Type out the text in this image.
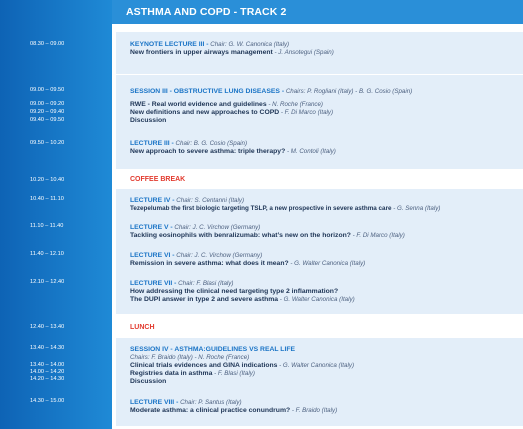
08.30 – 09.00
09.00 – 09.50
09.00 – 09.20
09.20 – 09.40
09.40 – 09.50
09.50 – 10.20
10.20 – 10.40
10.40 – 11.10
11.10 – 11.40
11.40 – 12.10
12.10 – 12.40
12.40 – 13.40
13.40 – 14.30
13.40 – 14.00
14.00 – 14.20
14.20 – 14.30
14.30 – 15.00
ASTHMA AND COPD - TRACK 2
KEYNOTE LECTURE III - Chair: G. W. Canonica (Italy)
New frontiers in upper airways management - J. Ansotegui (Spain)
SESSION III - OBSTRUCTIVE LUNG DISEASES - Chairs: P. Rogliani (Italy) - B. G. Cosio (Spain)
RWE - Real world evidence and guidelines - N. Roche (France)
New definitions and new approaches to COPD - F. Di Marco (Italy)
Discussion
LECTURE III - Chair: B. G. Cosio (Spain)
New approach to severe asthma: triple therapy? - M. Contoli (Italy)
COFFEE BREAK
LECTURE IV - Chair: S. Centanni (Italy)
Tezepelumab the first biologic targeting TSLP, a new prospective in severe asthma care - G. Senna (Italy)
LECTURE V - Chair: J. C. Virchow (Germany)
Tackling eosinophils with benralizumab: what’s new on the horizon? - F. Di Marco (Italy)
LECTURE VI - Chair: J. C. Virchow (Germany)
Remission in severe asthma: what does it mean? - G. Walter Canonica (Italy)
LECTURE VII - Chair: F. Blasi (Italy)
How addressing the clinical need targeting type 2 inflammation?
The DUPI answer in type 2 and severe asthma - G. Walter Canonica (Italy)
LUNCH
SESSION IV - ASTHMA:GUIDELINES VS REAL LIFE
Chairs: F. Braido (Italy) - N. Roche (France)
Clinical trials evidences and GINA indications - G. Walter Canonica (Italy)
Registries data in asthma - F. Blasi (Italy)
Discussion
LECTURE VIII - Chair: P. Santus (Italy)
Moderate asthma: a clinical practice conundrum? - F. Braido (Italy)
